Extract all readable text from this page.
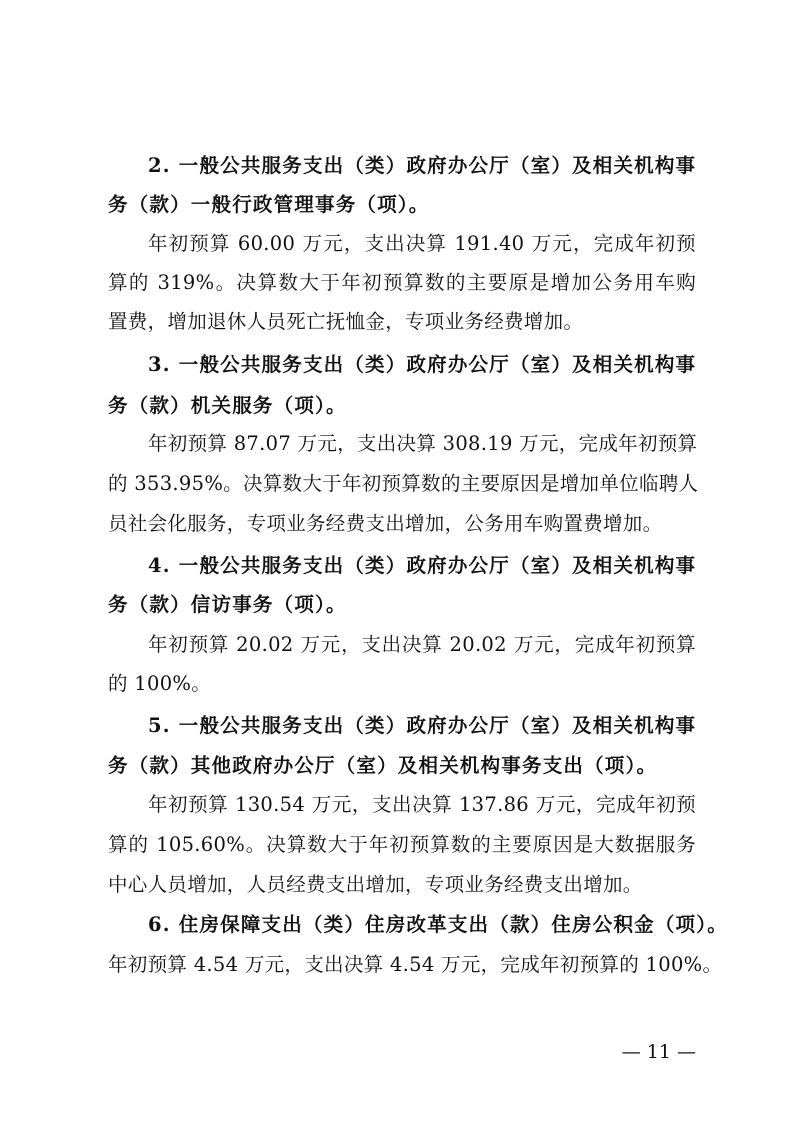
2. 一般公共服务支出（类）政府办公厅（室）及相关机构事
务（款）一般行政管理事务（项）。
年初预算 60.00 万元，支出决算 191.40 万元，完成年初预
算的 319%。决算数大于年初预算数的主要原是增加公务用车购
置费，增加退休人员死亡抚恤金，专项业务经费增加。
3. 一般公共服务支出（类）政府办公厅（室）及相关机构事
务（款）机关服务（项）。
年初预算 87.07 万元，支出决算 308.19 万元，完成年初预算
的 353.95%。决算数大于年初预算数的主要原因是增加单位临聘人
员社会化服务，专项业务经费支出增加，公务用车购置费增加。
4. 一般公共服务支出（类）政府办公厅（室）及相关机构事
务（款）信访事务（项）。
年初预算 20.02 万元，支出决算 20.02 万元，完成年初预算
的 100%。
5. 一般公共服务支出（类）政府办公厅（室）及相关机构事
务（款）其他政府办公厅（室）及相关机构事务支出（项）。
年初预算 130.54 万元，支出决算 137.86 万元，完成年初预
算的 105.60%。决算数大于年初预算数的主要原因是大数据服务
中心人员增加，人员经费支出增加，专项业务经费支出增加。
6. 住房保障支出（类）住房改革支出（款）住房公积金（项）。
年初预算 4.54 万元，支出决算 4.54 万元，完成年初预算的 100%。
— 11 —
